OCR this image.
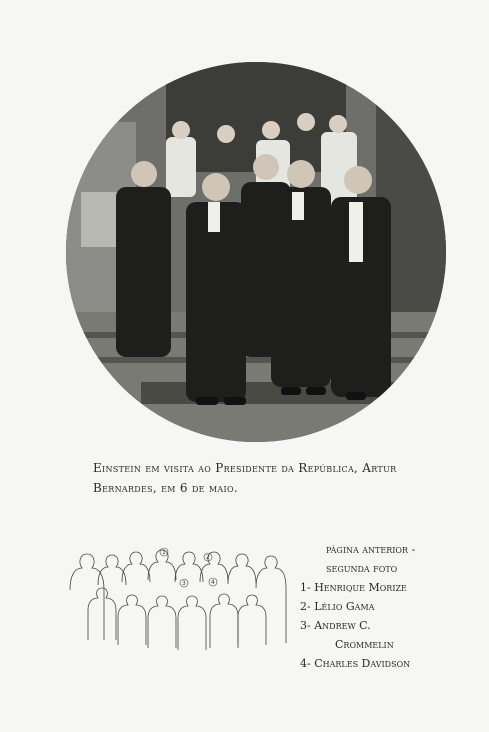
Einstein em visita ao Presidente da República, Artur
Bernardes, em 6 de maio.
1
2
3	4
página anterior -
segunda foto
1- Henrique Morize
2- Lélio Gama
3- Andrew C.
Crommelin
4- Charles Davidson
